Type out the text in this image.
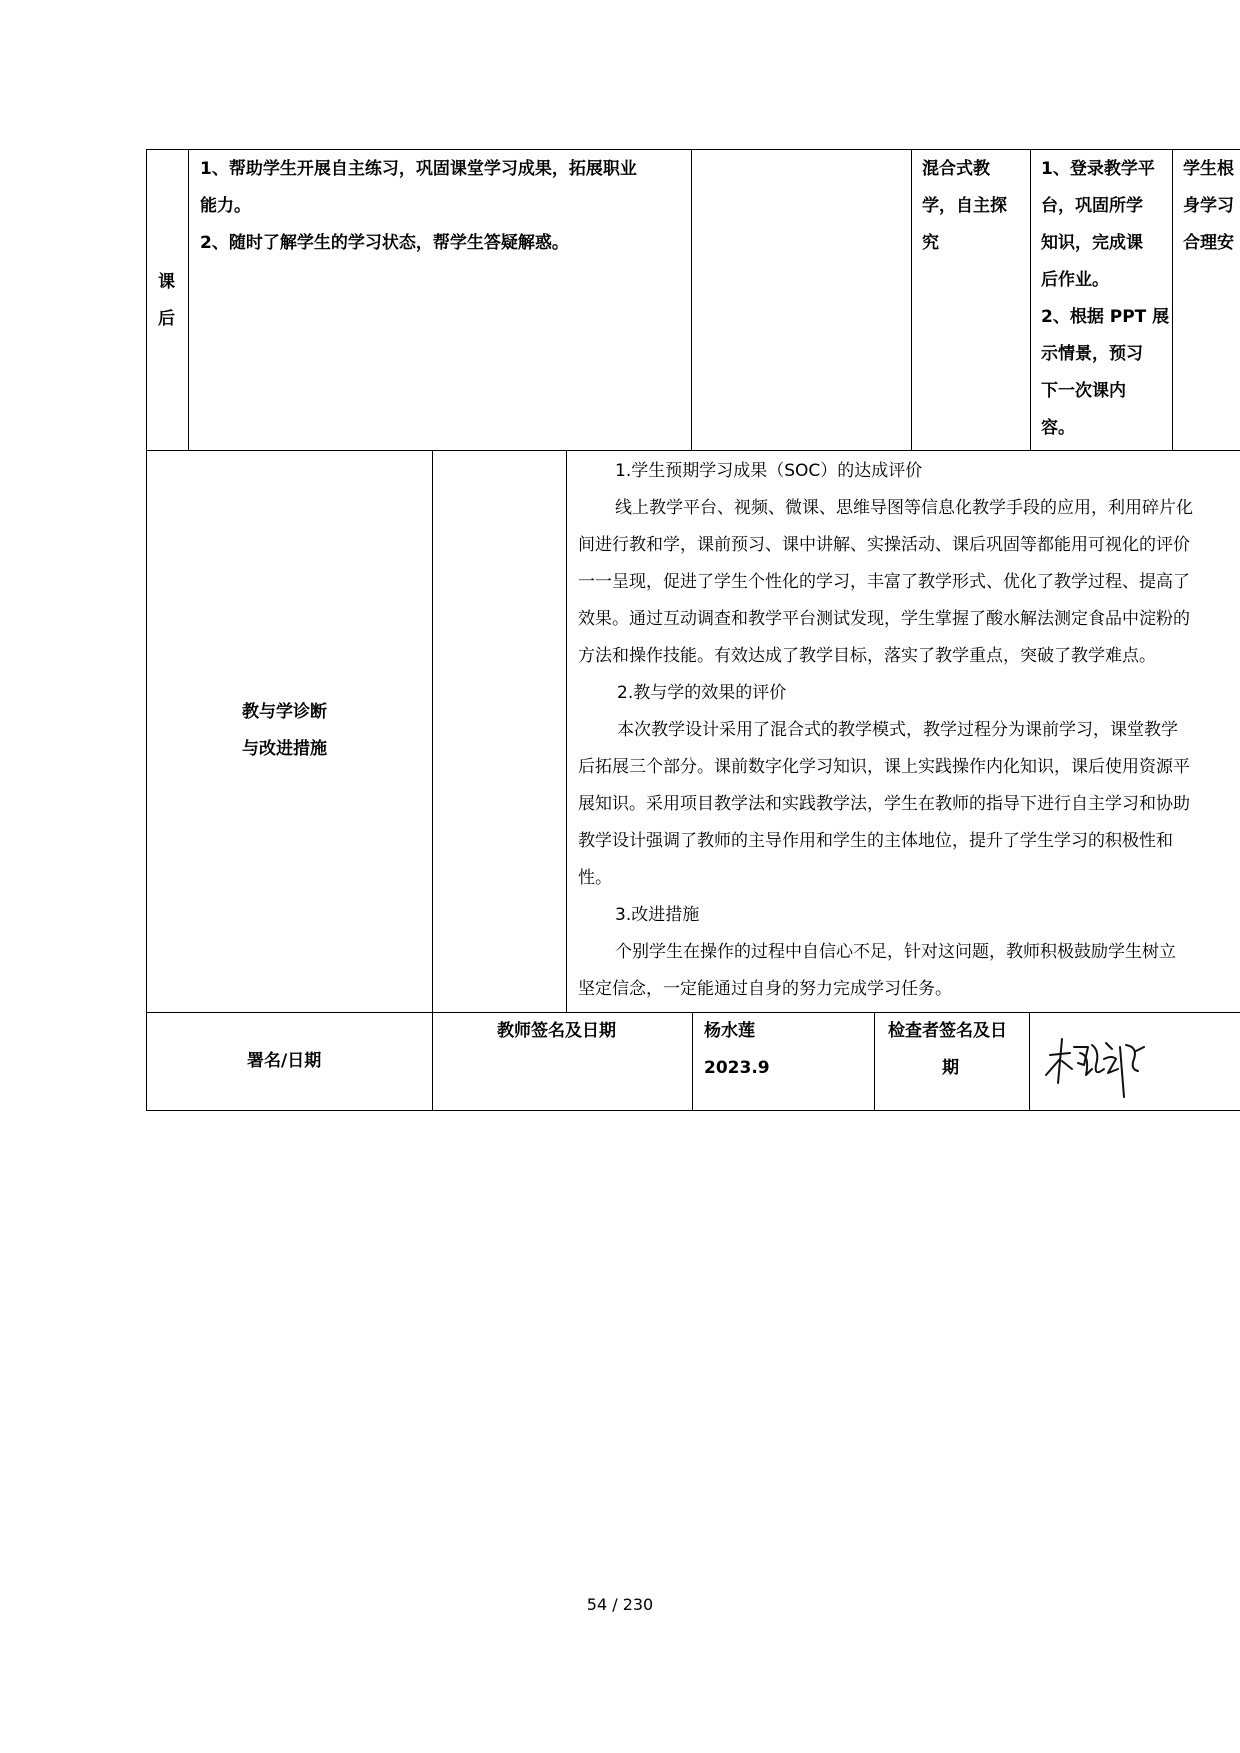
课
后
1、帮助学生开展自主练习，巩固课堂学习成果，拓展职业
能力。
2、随时了解学生的学习状态，帮学生答疑解惑。
混合式教
学，自主探
究
1、登录教学平
台，巩固所学
知识，完成课
后作业。
2、根据 PPT 展
示情景，预习
下一次课内
容。
学生根
身学习
合理安
教与学诊断
与改进措施
1.学生预期学习成果（SOC）的达成评价
线上教学平台、视频、微课、思维导图等信息化教学手段的应用，利用碎片化
间进行教和学，课前预习、课中讲解、实操活动、课后巩固等都能用可视化的评价
一一呈现，促进了学生个性化的学习，丰富了教学形式、优化了教学过程、提高了
效果。通过互动调查和教学平台测试发现，学生掌握了酸水解法测定食品中淀粉的
方法和操作技能。有效达成了教学目标，落实了教学重点，突破了教学难点。
2.教与学的效果的评价
本次教学设计采用了混合式的教学模式，教学过程分为课前学习，课堂教学
后拓展三个部分。课前数字化学习知识，课上实践操作内化知识，课后使用资源平
展知识。采用项目教学法和实践教学法，学生在教师的指导下进行自主学习和协助
教学设计强调了教师的主导作用和学生的主体地位，提升了学生学习的积极性和
性。
3.改进措施
个别学生在操作的过程中自信心不足，针对这问题，教师积极鼓励学生树立
坚定信念，一定能通过自身的努力完成学习任务。
署名/日期
教师签名及日期	杨水莲
2023.9
检查者签名及日
期
54 / 230
